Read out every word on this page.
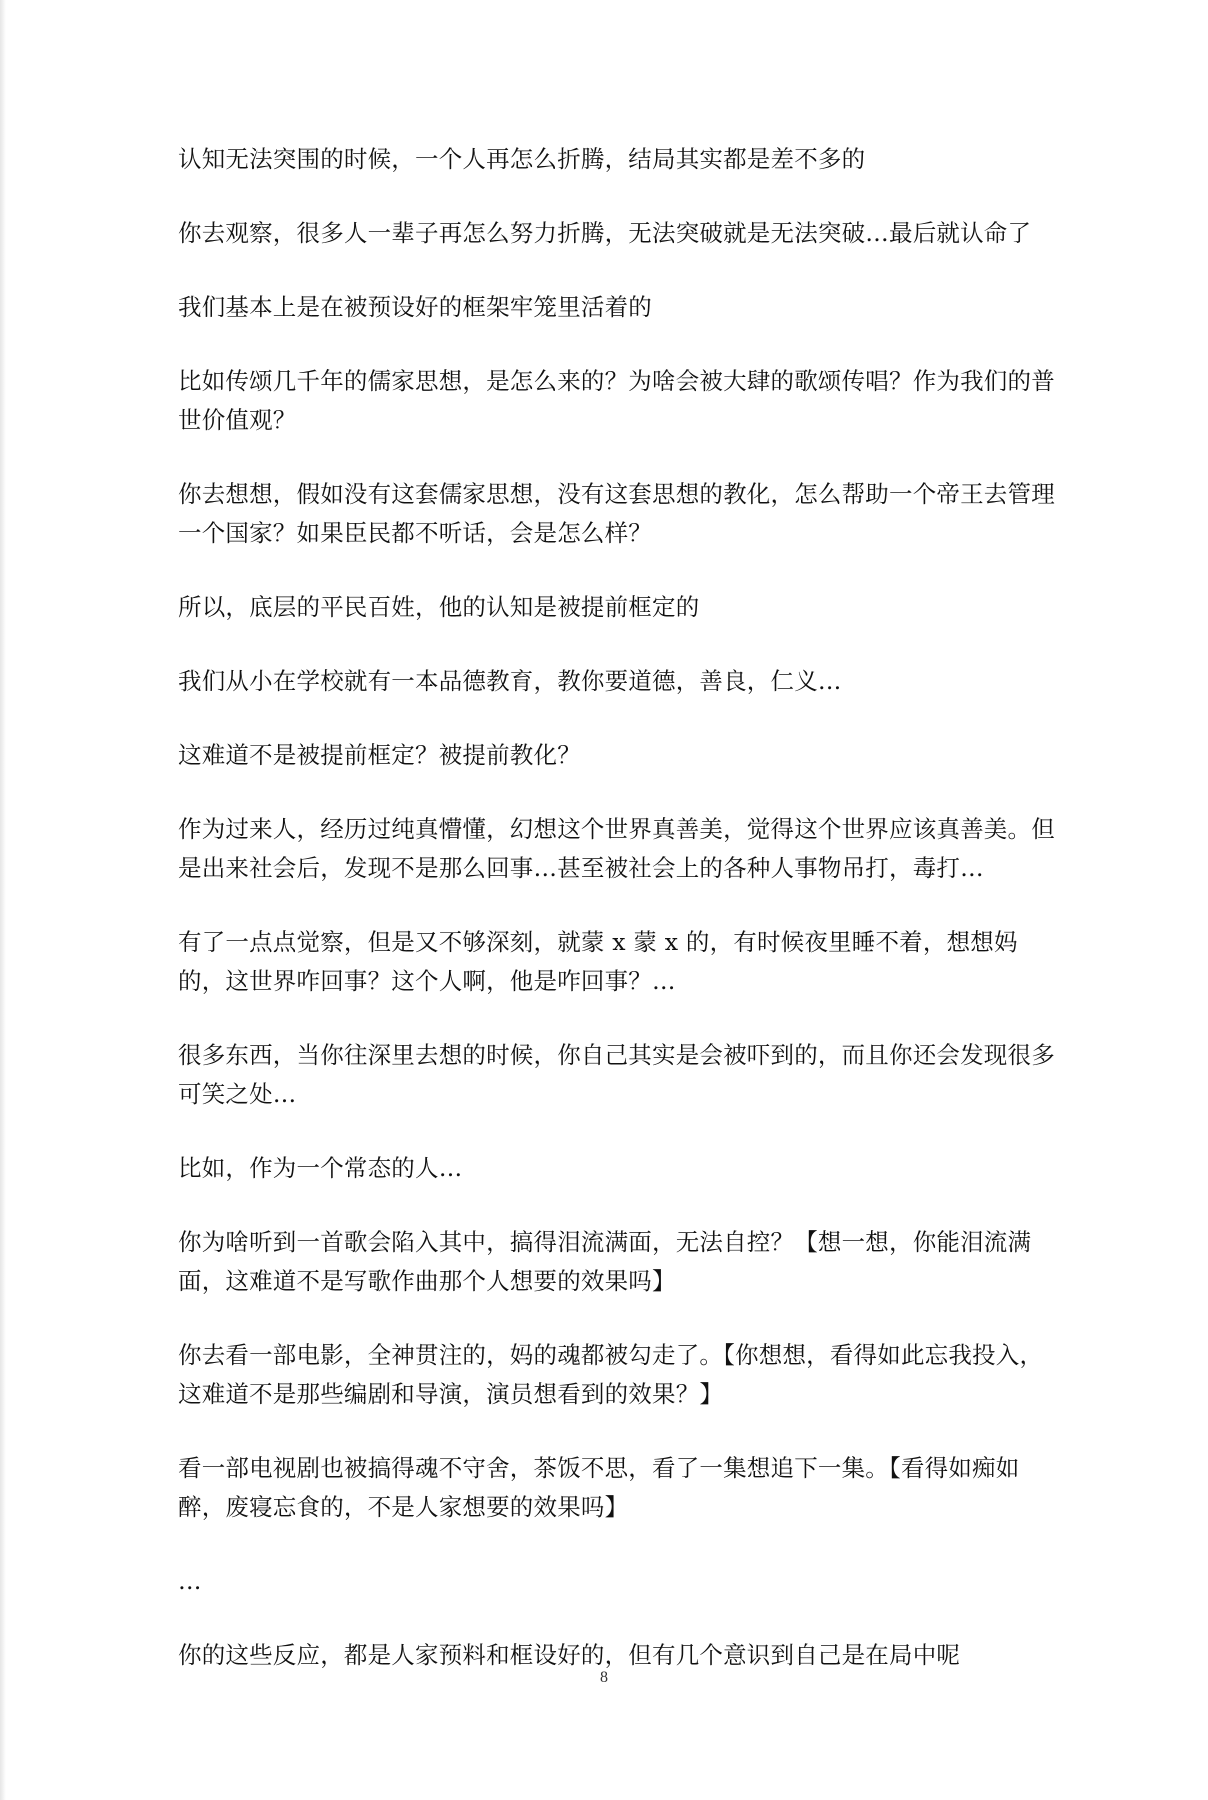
认知无法突围的时候，一个人再怎么折腾，结局其实都是差不多的

你去观察，很多人一辈子再怎么努力折腾，无法突破就是无法突破…最后就认命了

我们基本上是在被预设好的框架牢笼里活着的

比如传颂几千年的儒家思想，是怎么来的？为啥会被大肆的歌颂传唱？作为我们的普世价值观？

你去想想，假如没有这套儒家思想，没有这套思想的教化，怎么帮助一个帝王去管理一个国家？如果臣民都不听话，会是怎么样？

所以，底层的平民百姓，他的认知是被提前框定的

我们从小在学校就有一本品德教育，教你要道德，善良，仁义…

这难道不是被提前框定？被提前教化？

作为过来人，经历过纯真懵懂，幻想这个世界真善美，觉得这个世界应该真善美。但是出来社会后，发现不是那么回事…甚至被社会上的各种人事物吊打，毒打…

有了一点点觉察，但是又不够深刻，就蒙 x 蒙 x 的，有时候夜里睡不着，想想妈的，这世界咋回事？这个人啊，他是咋回事？…

很多东西，当你往深里去想的时候，你自己其实是会被吓到的，而且你还会发现很多可笑之处…

比如，作为一个常态的人…

你为啥听到一首歌会陷入其中，搞得泪流满面，无法自控？【想一想，你能泪流满面，这难道不是写歌作曲那个人想要的效果吗】

你去看一部电影，全神贯注的，妈的魂都被勾走了。【你想想，看得如此忘我投入，这难道不是那些编剧和导演，演员想看到的效果？】

看一部电视剧也被搞得魂不守舍，茶饭不思，看了一集想追下一集。【看得如痴如醉，废寝忘食的，不是人家想要的效果吗】

…

你的这些反应，都是人家预料和框设好的，但有几个意识到自己是在局中呢

8
